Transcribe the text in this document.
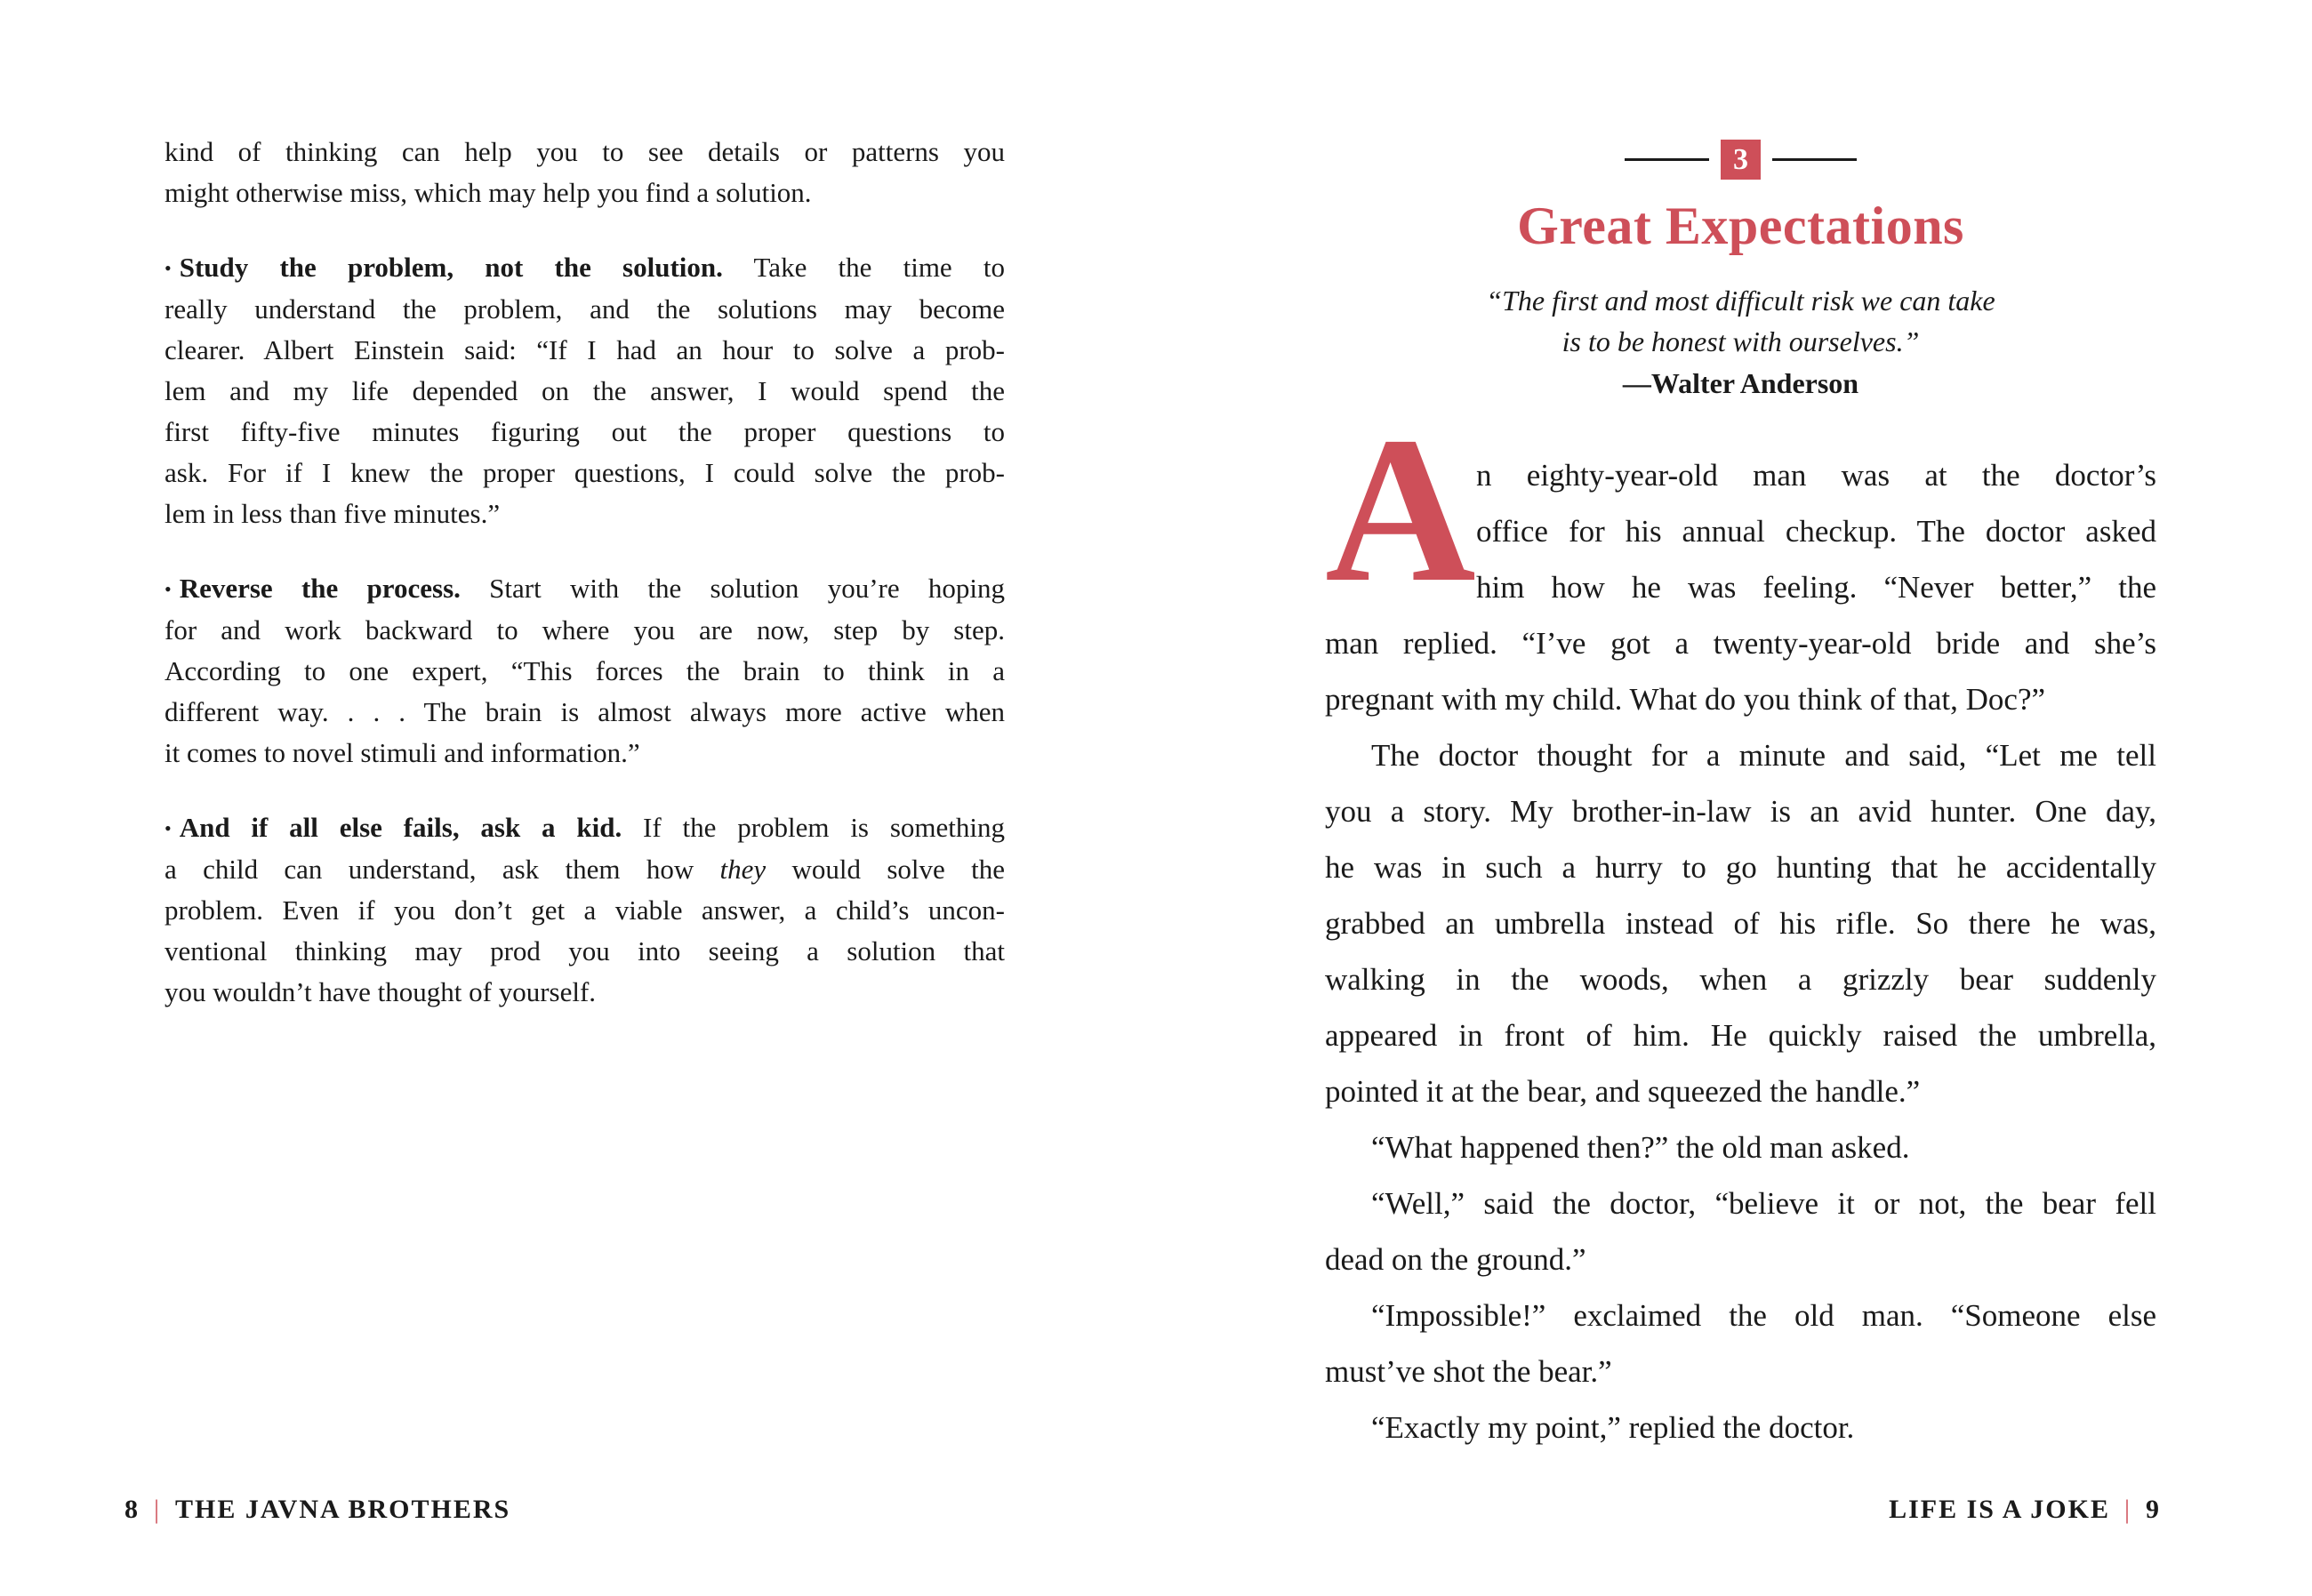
kind of thinking can help you to see details or patterns you
might otherwise miss, which may help you find a solution.
• Study the problem, not the solution. Take the time to
really understand the problem, and the solutions may become
clearer. Albert Einstein said: “If I had an hour to solve a prob-
lem and my life depended on the answer, I would spend the
first fifty-five minutes figuring out the proper questions to
ask. For if I knew the proper questions, I could solve the prob-
lem in less than five minutes.”
• Reverse the process. Start with the solution you’re hoping
for and work backward to where you are now, step by step.
According to one expert, “This forces the brain to think in a
different way. . . . The brain is almost always more active when
it comes to novel stimuli and information.”
• And if all else fails, ask a kid. If the problem is something
a child can understand, ask them how they would solve the
problem. Even if you don’t get a viable answer, a child’s uncon-
ventional thinking may prod you into seeing a solution that
you wouldn’t have thought of yourself.
8 | THE JAVNA BROTHERS
3
Great Expectations
“The first and most difficult risk we can take
is to be honest with ourselves.”
—Walter Anderson
A n eighty-year-old man was at the doctor’s
office for his annual checkup. The doctor asked
him how he was feeling. “Never better,” the
man replied. “I’ve got a twenty-year-old bride and she’s
pregnant with my child. What do you think of that, Doc?”
The doctor thought for a minute and said, “Let me tell
you a story. My brother-in-law is an avid hunter. One day,
he was in such a hurry to go hunting that he accidentally
grabbed an umbrella instead of his rifle. So there he was,
walking in the woods, when a grizzly bear suddenly
appeared in front of him. He quickly raised the umbrella,
pointed it at the bear, and squeezed the handle.”
“What happened then?” the old man asked.
“Well,” said the doctor, “believe it or not, the bear fell
dead on the ground.”
“Impossible!” exclaimed the old man. “Someone else
must’ve shot the bear.”
“Exactly my point,” replied the doctor.
LIFE IS A JOKE | 9
